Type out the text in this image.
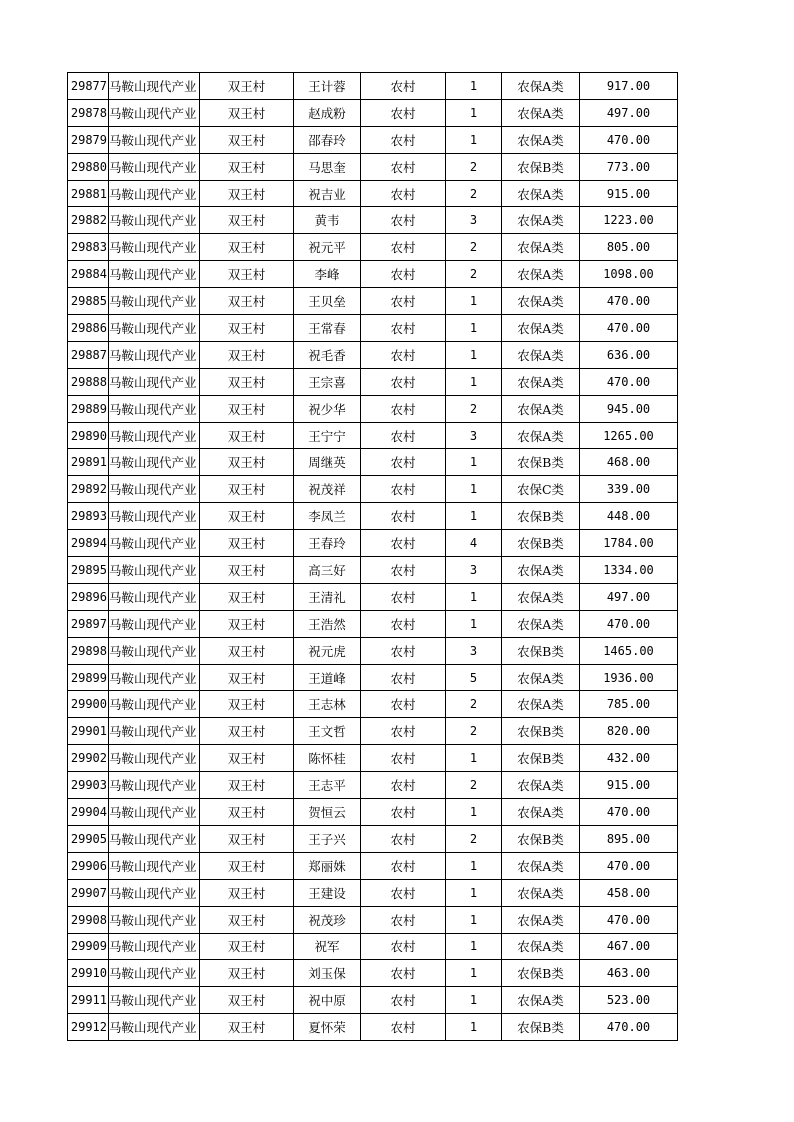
29877	马鞍山现代产业	双王村	王计蓉	农村	1	农保A类	917.00
29878	马鞍山现代产业	双王村	赵成粉	农村	1	农保A类	497.00
29879	马鞍山现代产业	双王村	邵春玲	农村	1	农保A类	470.00
29880	马鞍山现代产业	双王村	马思奎	农村	2	农保B类	773.00
29881	马鞍山现代产业	双王村	祝吉业	农村	2	农保A类	915.00
29882	马鞍山现代产业	双王村	黄韦	农村	3	农保A类	1223.00
29883	马鞍山现代产业	双王村	祝元平	农村	2	农保A类	805.00
29884	马鞍山现代产业	双王村	李峰	农村	2	农保A类	1098.00
29885	马鞍山现代产业	双王村	王贝垒	农村	1	农保A类	470.00
29886	马鞍山现代产业	双王村	王常春	农村	1	农保A类	470.00
29887	马鞍山现代产业	双王村	祝毛香	农村	1	农保A类	636.00
29888	马鞍山现代产业	双王村	王宗喜	农村	1	农保A类	470.00
29889	马鞍山现代产业	双王村	祝少华	农村	2	农保A类	945.00
29890	马鞍山现代产业	双王村	王宁宁	农村	3	农保A类	1265.00
29891	马鞍山现代产业	双王村	周继英	农村	1	农保B类	468.00
29892	马鞍山现代产业	双王村	祝茂祥	农村	1	农保C类	339.00
29893	马鞍山现代产业	双王村	李凤兰	农村	1	农保B类	448.00
29894	马鞍山现代产业	双王村	王春玲	农村	4	农保B类	1784.00
29895	马鞍山现代产业	双王村	高三好	农村	3	农保A类	1334.00
29896	马鞍山现代产业	双王村	王清礼	农村	1	农保A类	497.00
29897	马鞍山现代产业	双王村	王浩然	农村	1	农保A类	470.00
29898	马鞍山现代产业	双王村	祝元虎	农村	3	农保B类	1465.00
29899	马鞍山现代产业	双王村	王道峰	农村	5	农保A类	1936.00
29900	马鞍山现代产业	双王村	王志林	农村	2	农保A类	785.00
29901	马鞍山现代产业	双王村	王文哲	农村	2	农保B类	820.00
29902	马鞍山现代产业	双王村	陈怀桂	农村	1	农保B类	432.00
29903	马鞍山现代产业	双王村	王志平	农村	2	农保A类	915.00
29904	马鞍山现代产业	双王村	贺恒云	农村	1	农保A类	470.00
29905	马鞍山现代产业	双王村	王子兴	农村	2	农保B类	895.00
29906	马鞍山现代产业	双王村	郑丽姝	农村	1	农保A类	470.00
29907	马鞍山现代产业	双王村	王建设	农村	1	农保A类	458.00
29908	马鞍山现代产业	双王村	祝茂珍	农村	1	农保A类	470.00
29909	马鞍山现代产业	双王村	祝军	农村	1	农保A类	467.00
29910	马鞍山现代产业	双王村	刘玉保	农村	1	农保B类	463.00
29911	马鞍山现代产业	双王村	祝中原	农村	1	农保A类	523.00
29912	马鞍山现代产业	双王村	夏怀荣	农村	1	农保B类	470.00
